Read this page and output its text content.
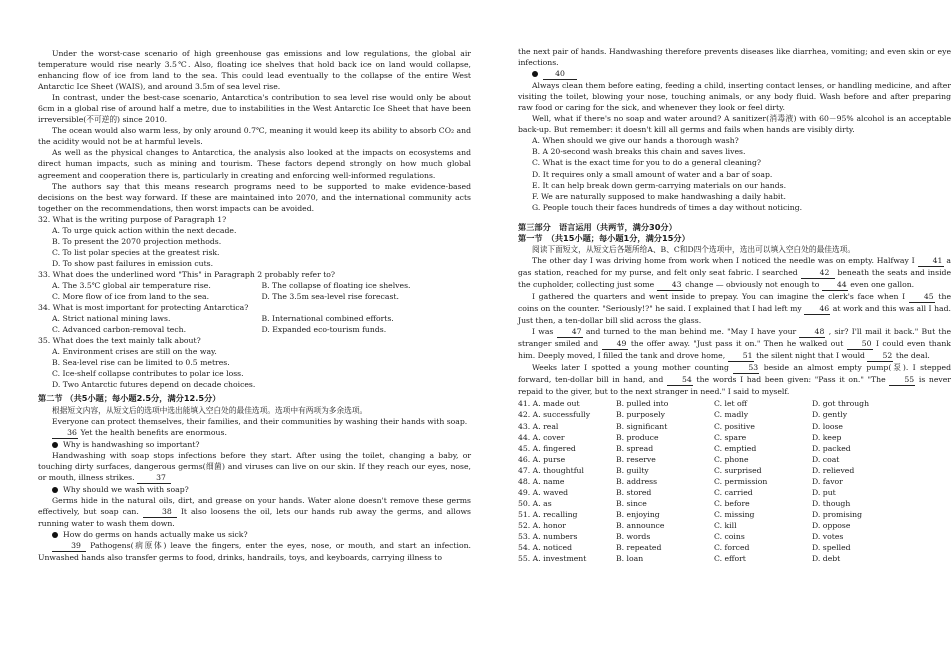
Under the worst-case scenario of high greenhouse gas emissions and low regulations, the global air temperature would rise nearly 3.5℃. Also, floating ice shelves that hold back ice on land would collapse, enhancing flow of ice from land to the sea. This could lead eventually to the collapse of the entire West Antarctic Ice Sheet (WAIS), and around 3.5m of sea level rise.

In contrast, under the best-case scenario, Antarctica's contribution to sea level rise would only be about 6cm in a global rise of around half a metre, due to instabilities in the West Antarctic Ice Sheet that have been irreversible(不可逆的) since 2010.

The ocean would also warm less, by only around 0.7℃, meaning it would keep its ability to absorb CO₂ and the acidity would not be at harmful levels.

As well as the physical changes to Antarctica, the analysis also looked at the impacts on ecosystems and direct human impacts, such as mining and tourism. These factors depend strongly on how much global agreement and cooperation there is, particularly in creating and enforcing well-informed regulations.

The authors say that this means research programs need to be supported to make evidence-based decisions on the best way forward. If these are maintained into 2070, and the international community acts together on the recommendations, then worst impacts can be avoided.

32. What is the writing purpose of Paragraph 1?

A. To urge quick action within the next decade.

B. To present the 2070 projection methods.

C. To list polar species at the greatest risk.

D. To show past failures in emission cuts.

33. What does the underlined word "This" in Paragraph 2 probably refer to?

A. The 3.5℃ global air temperature rise.	B. The collapse of floating ice shelves.

C. More flow of ice from land to the sea.	D. The 3.5m sea-level rise forecast.

34. What is most important for protecting Antarctica?

A. Strict national mining laws.	B. International combined efforts.

C. Advanced carbon-removal tech.	D. Expanded eco-tourism funds.

35. What does the text mainly talk about?

A. Environment crises are still on the way.

B. Sea-level rise can be limited to 0.5 metres.

C. Ice-shelf collapse contributes to polar ice loss.

D. Two Antarctic futures depend on decade choices.

第二节 （共5小题；每小题2.5分，满分12.5分）

根据短文内容，从短文后的选项中选出能填入空白处的最佳选项。选项中有两项为多余选项。

Everyone can protect themselves, their families, and their communities by washing their hands with soap.

36 Yet the health benefits are enormous.

Why is handwashing so important?

Handwashing with soap stops infections before they start. After using the toilet, changing a baby, or touching dirty surfaces, dangerous germs(细菌) and viruses can live on our skin. If they reach our eyes, nose, or mouth, illness strikes.	37

Why should we wash with soap?

Germs hide in the natural oils, dirt, and grease on your hands. Water alone doesn't remove these germs effectively, but soap can.	38 It also loosens the oil, lets our hands rub away the germs, and allows running water to wash them down.

How do germs on hands actually make us sick?

39 Pathogens(病原体) leave the fingers, enter the eyes, nose, or mouth, and start an infection. Unwashed hands also transfer germs to food, drinks, handrails, toys, and keyboards, carrying illness to

the next pair of hands. Handwashing therefore prevents diseases like diarrhea, vomiting; and even skin or eye infections.

40

Always clean them before eating, feeding a child, inserting contact lenses, or handling medicine, and after visiting the toilet, blowing your nose, touching animals, or any body fluid. Wash before and after preparing raw food or caring for the sick, and whenever they look or feel dirty.

Well, what if there's no soap and water around? A sanitizer(消毒液) with 60－95% alcohol is an acceptable back-up. But remember: it doesn't kill all germs and fails when hands are visibly dirty.

A. When should we give our hands a thorough wash?

B. A 20-second wash breaks this chain and saves lives.

C. What is the exact time for you to do a general cleaning?

D. It requires only a small amount of water and a bar of soap.

E. It can help break down germ-carrying materials on our hands.

F. We are naturally supposed to make handwashing a daily habit.

G. People touch their faces hundreds of times a day without noticing.

第三部分　语言运用（共两节，满分30分）

第一节　（共15小题；每小题1分，满分15分）

阅读下面短文，从短文后各题所给A、B、C和D四个选项中，选出可以填入空白处的最佳选项。

The other day I was driving home from work when I noticed the needle was on empty. Halfway I 41 a gas station, reached for my purse, and felt only seat fabric. I searched	42 beneath the seats and inside the cupholder, collecting just some 43 change — obviously not enough to 44 even one gallon.

I gathered the quarters and went inside to prepay. You can imagine the clerk's face when I 45 the coins on the counter. "Seriously!?" he said. I explained that I had left my 46 at work and this was all I had. Just then, a ten-dollar bill slid across the glass.

I was 47 and turned to the man behind me. "May I have your 48 , sir? I'll mail it back." But the stranger smiled and 49 the offer away. "Just pass it on." Then he walked out 50 I could even thank him. Deeply moved, I filled the tank and drove home, 51 the silent night that I would 52 the deal.

Weeks later I spotted a young mother counting	53 beside an almost empty pump(泵). I stepped forward, ten-dollar bill in hand, and 54 the words I had been given: "Pass it on." "The 55 is never repaid to the giver, but to the next stranger in need." I said to myself.

41. A. made out	B. pulled into	C. let off	D. got through
42. A. successfully	B. purposely	C. madly	D. gently
43. A. real	B. significant	C. positive	D. loose
44. A. cover	B. produce	C. spare	D. keep
45. A. fingered	B. spread	C. emptied	D. packed
46. A. purse	B. reserve	C. phone	D. coat
47. A. thoughtful	B. guilty	C. surprised	D. relieved
48. A. name	B. address	C. permission	D. favor
49. A. waved	B. stored	C. carried	D. put
50. A. as	B. since	C. before	D. though
51. A. recalling	B. enjoying	C. missing	D. promising
52. A. honor	B. announce	C. kill	D. oppose
53. A. numbers	B. words	C. coins	D. votes
54. A. noticed	B. repeated	C. forced	D. spelled
55. A. investment	B. loan	C. effort	D. debt
